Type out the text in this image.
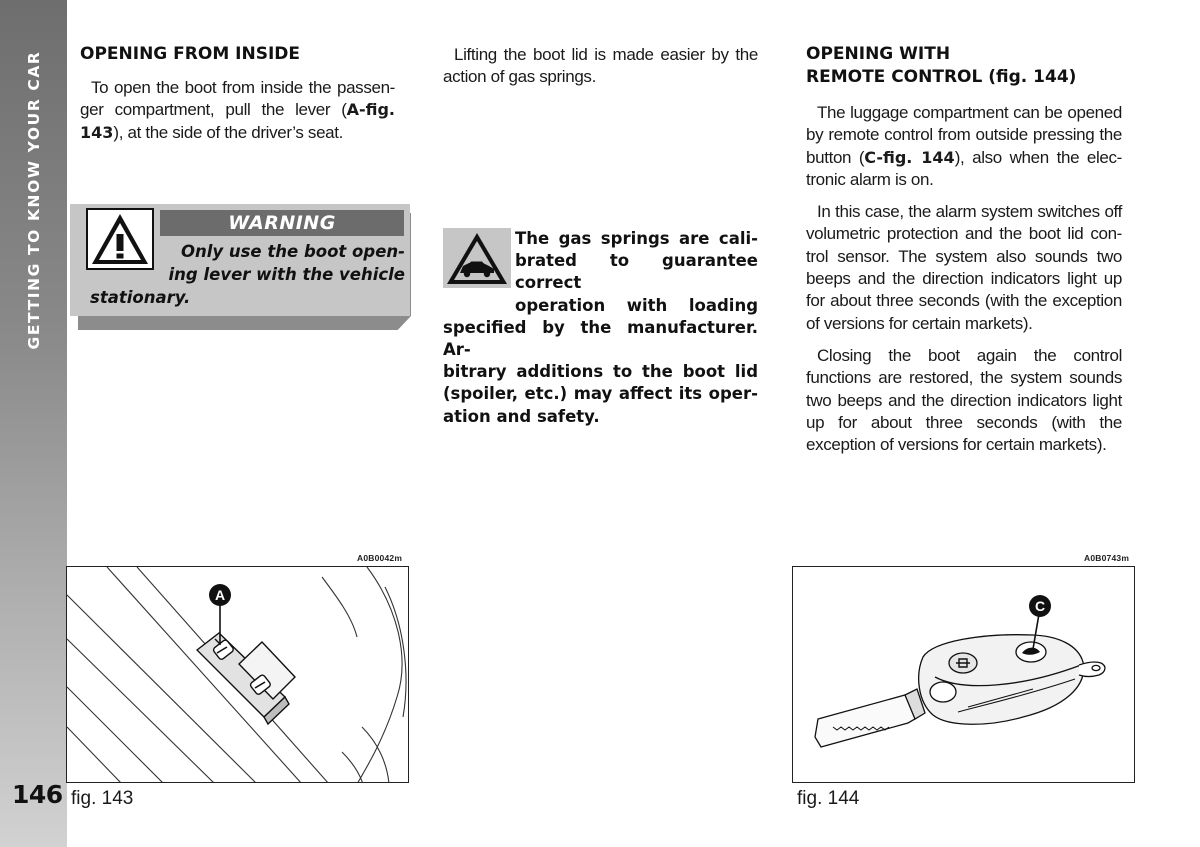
GETTING TO KNOW YOUR CAR
146
OPENING FROM INSIDE

To open the boot from inside the passen-ger compartment, pull the lever (A-fig. 143), at the side of the driver’s seat.

WARNING
Only use the boot open-
ing lever with the vehicle
stationary.

Lifting the boot lid is made easier by the action of gas springs.

The gas springs are cali-
brated to guarantee correct
operation with loading
specified by the manufacturer. Ar-
bitrary additions to the boot lid
(spoiler, etc.) may affect its oper-
ation and safety.
OPENING WITH
REMOTE CONTROL (fig. 144)

The luggage compartment can be opened by remote control from outside pressing the button (C-fig. 144), also when the elec-tronic alarm is on.

In this case, the alarm system switches off volumetric protection and the boot lid con-trol sensor. The system also sounds two beeps and the direction indicators light up for about three seconds (with the exception of versions for certain markets).

Closing the boot again the control functions are restored, the system sounds two beeps and the direction indicators light up for about three seconds (with the exception of versions for certain markets).

A0B0042m
A
fig. 143
A0B0743m
C
fig. 144
